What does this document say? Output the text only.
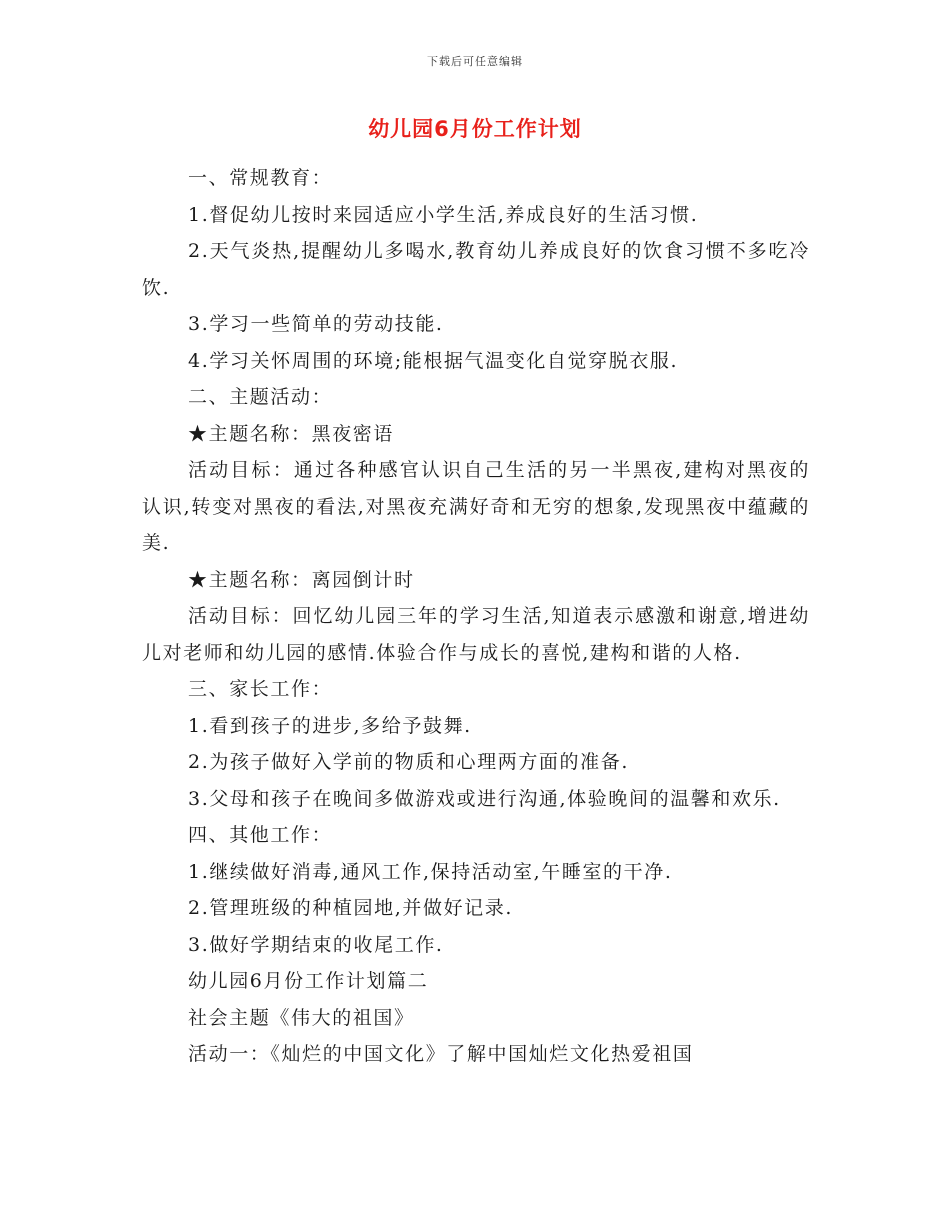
下载后可任意编辑
幼儿园6月份工作计划

一、常规教育：

1.督促幼儿按时来园适应小学生活,养成良好的生活习惯.

2.天气炎热,提醒幼儿多喝水,教育幼儿养成良好的饮食习惯不多吃冷饮.

3.学习一些简单的劳动技能.

4.学习关怀周围的环境;能根据气温变化自觉穿脱衣服.

二、主题活动：

★主题名称：黑夜密语

活动目标：通过各种感官认识自己生活的另一半黑夜,建构对黑夜的认识,转变对黑夜的看法,对黑夜充满好奇和无穷的想象,发现黑夜中蕴藏的美.

★主题名称：离园倒计时

活动目标：回忆幼儿园三年的学习生活,知道表示感激和谢意,增进幼儿对老师和幼儿园的感情.体验合作与成长的喜悦,建构和谐的人格.

三、家长工作：

1.看到孩子的进步,多给予鼓舞.

2.为孩子做好入学前的物质和心理两方面的准备.

3.父母和孩子在晚间多做游戏或进行沟通,体验晚间的温馨和欢乐.

四、其他工作：

1.继续做好消毒,通风工作,保持活动室,午睡室的干净.

2.管理班级的种植园地,并做好记录.

3.做好学期结束的收尾工作.

幼儿园6月份工作计划篇二

社会主题《伟大的祖国》

活动一：《灿烂的中国文化》了解中国灿烂文化热爱祖国
